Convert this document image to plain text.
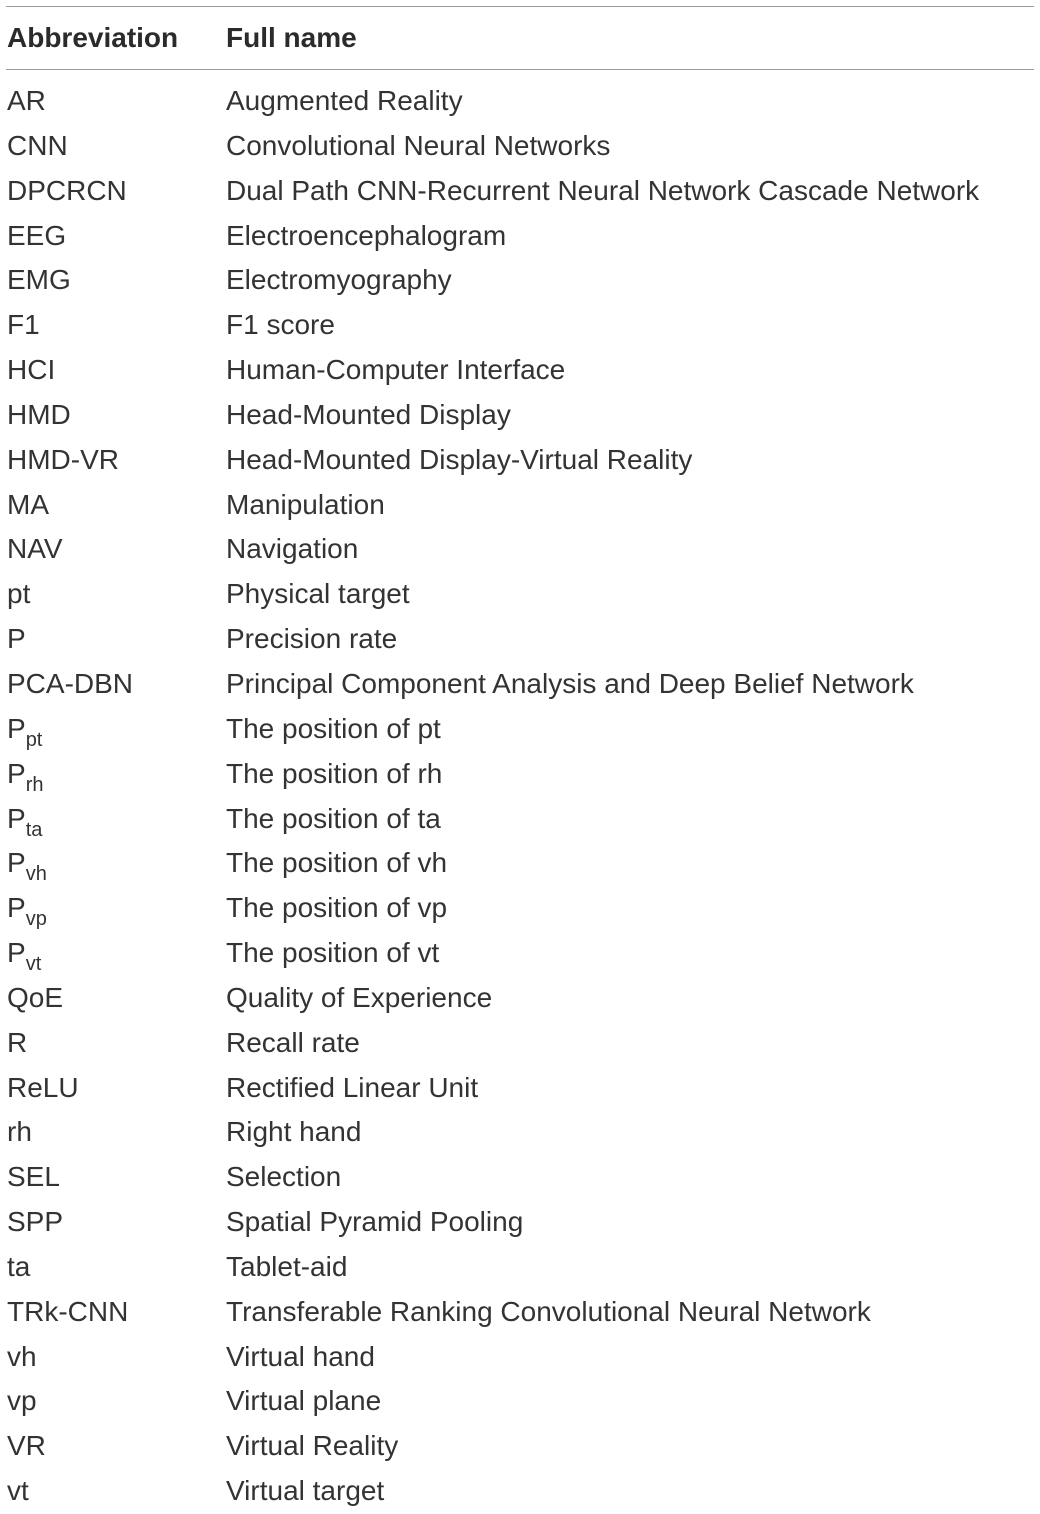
Abbreviation Full name
AR	Augmented Reality
CNN	Convolutional Neural Networks
DPCRCN	Dual Path CNN-Recurrent Neural Network Cascade Network
EEG	Electroencephalogram
EMG	Electromyography
F1	F1 score
HCI	Human-Computer Interface
HMD	Head-Mounted Display
HMD-VR	Head-Mounted Display-Virtual Reality
MA	Manipulation
NAV	Navigation
pt	Physical target
P	Precision rate
PCA-DBN	Principal Component Analysis and Deep Belief Network
$P_{pt}$	The position of pt
$P_{rh}$	The position of rh
$P_{ta}$	The position of ta
$P_{vh}$	The position of vh
$P_{vp}$	The position of vp
$P_{vt}$	The position of vt
QoE	Quality of Experience
R	Recall rate
ReLU	Rectified Linear Unit
rh	Right hand
SEL	Selection
SPP	Spatial Pyramid Pooling
ta	Tablet-aid
TRk-CNN	Transferable Ranking Convolutional Neural Network
vh	Virtual hand
vp	Virtual plane
VR	Virtual Reality
vt	Virtual target
